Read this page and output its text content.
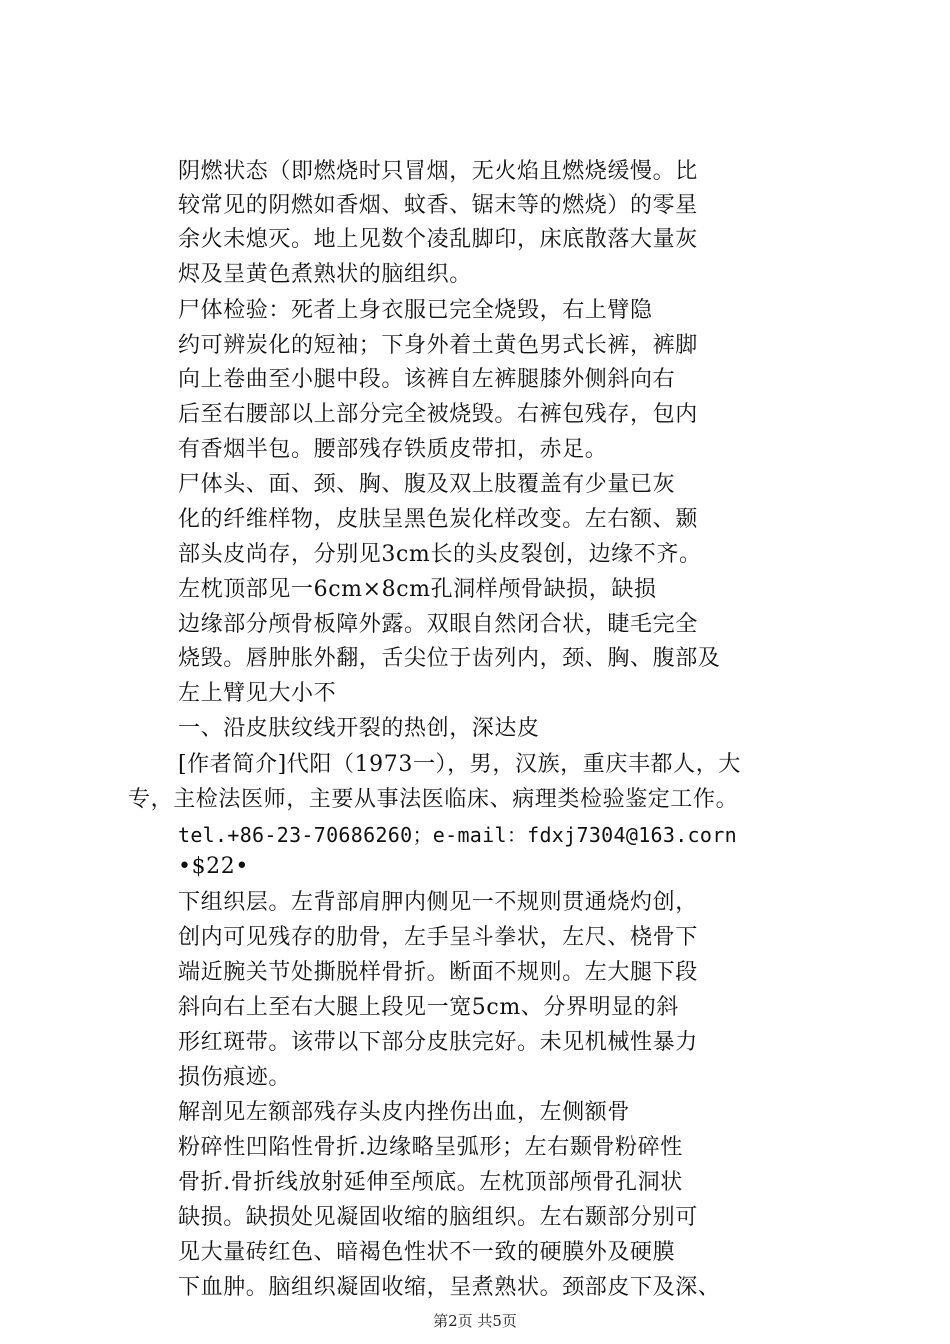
阴燃状态（即燃烧时只冒烟，无火焰且燃烧缓慢。比
较常见的阴燃如香烟、蚊香、锯末等的燃烧）的零星
余火未熄灭。地上见数个凌乱脚印，床底散落大量灰
烬及呈黄色煮熟状的脑组织。
尸体检验：死者上身衣服已完全烧毁，右上臂隐
约可辨炭化的短袖；下身外着土黄色男式长裤，裤脚
向上卷曲至小腿中段。该裤自左裤腿膝外侧斜向右
后至右腰部以上部分完全被烧毁。右裤包残存，包内
有香烟半包。腰部残存铁质皮带扣，赤足。
尸体头、面、颈、胸、腹及双上肢覆盖有少量已灰
化的纤维样物，皮肤呈黑色炭化样改变。左右额、颞
部头皮尚存，分别见3cm长的头皮裂创，边缘不齐。
左枕顶部见一6cm×8cm孔洞样颅骨缺损，缺损
边缘部分颅骨板障外露。双眼自然闭合状，睫毛完全
烧毁。唇肿胀外翻，舌尖位于齿列内，颈、胸、腹部及
左上臂见大小不
一、沿皮肤纹线开裂的热创，深达皮
[作者简介]代阳（1973一），男，汉族，重庆丰都人，大
专，主检法医师，主要从事法医临床、病理类检验鉴定工作。
tel.+86-23-70686260；e-mail：fdxj7304@163.corn
•$22•
下组织层。左背部肩胛内侧见一不规则贯通烧灼创，
创内可见残存的肋骨，左手呈斗拳状，左尺、桡骨下
端近腕关节处撕脱样骨折。断面不规则。左大腿下段
斜向右上至右大腿上段见一宽5cm、分界明显的斜
形红斑带。该带以下部分皮肤完好。未见机械性暴力
损伤痕迹。
解剖见左额部残存头皮内挫伤出血，左侧额骨
粉碎性凹陷性骨折.边缘略呈弧形；左右颞骨粉碎性
骨折.骨折线放射延伸至颅底。左枕顶部颅骨孔洞状
缺损。缺损处见凝固收缩的脑组织。左右颞部分别可
见大量砖红色、暗褐色性状不一致的硬膜外及硬膜
下血肿。脑组织凝固收缩，呈煮熟状。颈部皮下及深、
第2页 共5页
